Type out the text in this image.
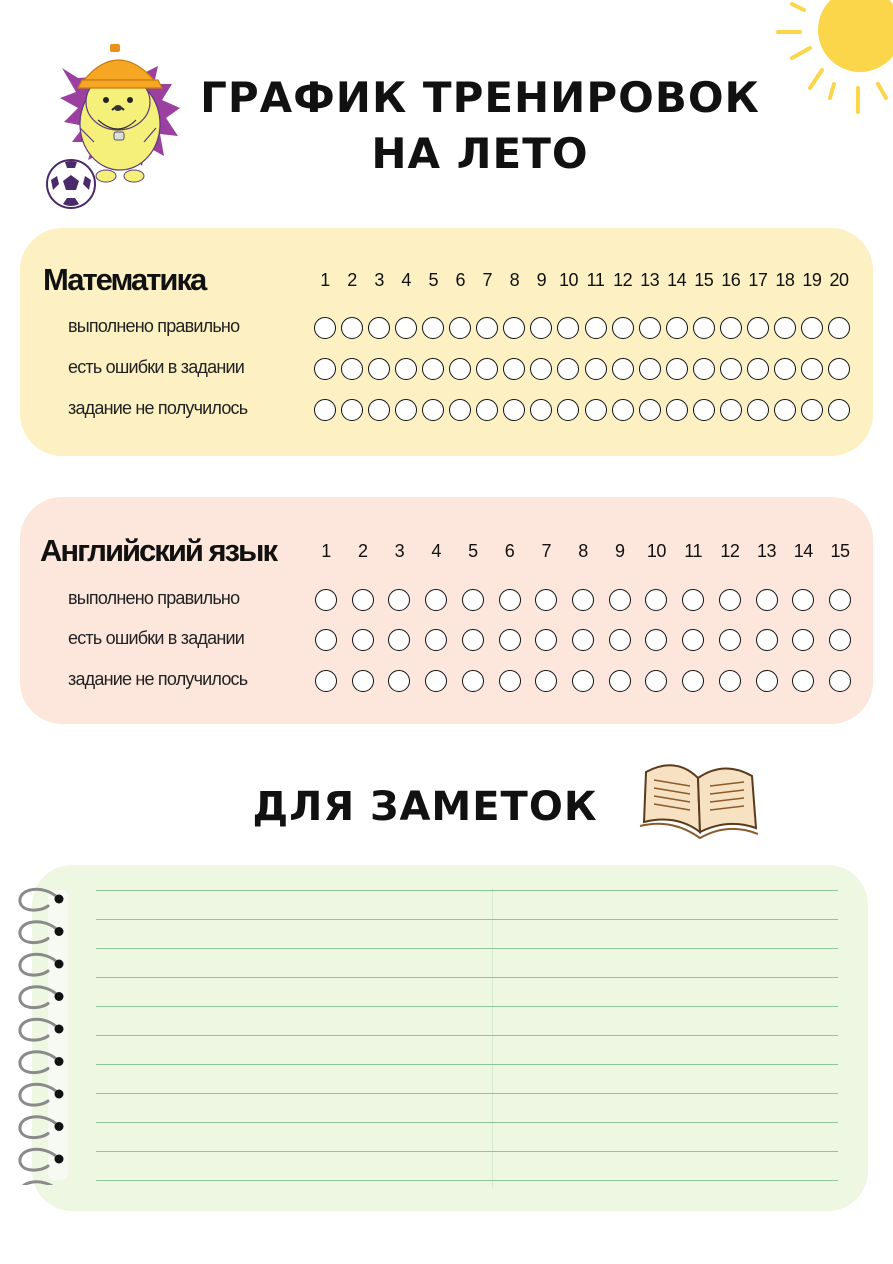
ГРАФИК ТРЕНИРОВОК
НА ЛЕТО
Математика	1 2 3 4 5 6 7 8 9 10 11 12 13 14 15 16 17 18 19 20
выполнено правильно
есть ошибки в задании
задание не получилось
Английский язык	1	2	3	4	5	6	7	8	9	10	11	12 13 14 15
выполнено правильно
есть ошибки в задании
задание не получилось
ДЛЯ ЗАМЕТОК
